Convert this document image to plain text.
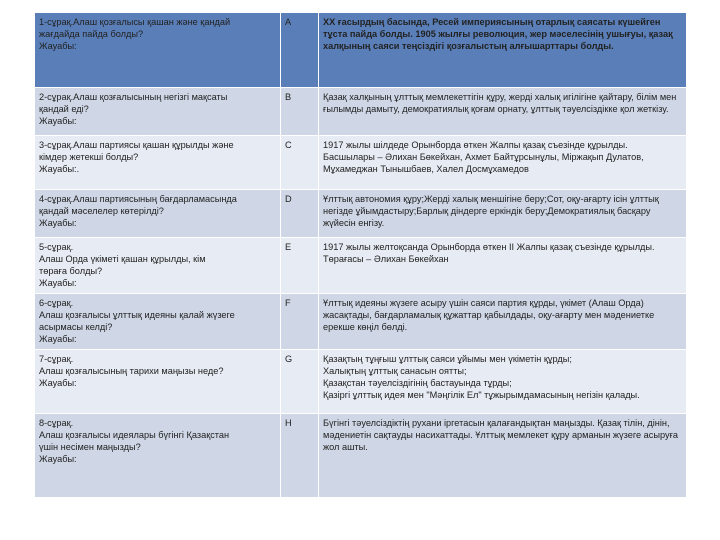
1-сұрақ.Алаш қозғалысы қашан және қандай
жағдайда пайда болды?
Жауабы:	A	ХХ ғасырдың басында, Ресей империясының отарлық саясаты күшейген тұста пайда болды. 1905 жылғы революция, жер мәселесінің ушығуы, қазақ халқының саяси теңсіздігі қозғалыстың алғышарттары болды.

2-сұрақ.Алаш қозғалысының негізгі мақсаты
қандай еді?
Жауабы:	B	Қазақ халқының ұлттық мемлекеттігін құру, жерді халық игілігіне қайтару, білім мен ғылымды дамыту, демократиялық қоғам орнату, ұлттық тәуелсіздікке қол жеткізу.

3-сұрақ.Алаш партиясы қашан құрылды және
кімдер жетекші болды?
Жауабы:.	C	1917 жылы шілдеде Орынборда өткен Жалпы қазақ съезінде құрылды. Басшылары – Әлихан Бөкейхан, Ахмет Байтұрсынұлы, Міржақып Дулатов, Мұхамеджан Тынышбаев, Халел Досмұхамедов

4-сұрақ.Алаш партиясының бағдарламасында
қандай мәселелер көтерілді?
Жауабы:	D	Ұлттық автономия құру;Жерді халық меншігіне беру;Сот, оқу-ағарту ісін ұлттық негізде ұйымдастыру;Барлық діндерге еркіндік беру;Демократиялық басқару жүйесін енгізу.

5-сұрақ.
Алаш Орда үкіметі қашан құрылды, кім
төраға болды?
Жауабы:	E	1917 жылы желтоқсанда Орынборда өткен II Жалпы қазақ съезінде құрылды. Төрағасы – Әлихан Бөкейхан

6-сұрақ.
Алаш қозғалысы ұлттық идеяны қалай жүзеге
асырмасы келді?
Жауабы:	F	Ұлттық идеяны жүзеге асыру үшін саяси партия құрды, үкімет (Алаш Орда) жасақтады, бағдарламалық құжаттар қабылдады, оқу-ағарту мен мәдениетке ерекше көңіл бөлді.

7-сұрақ.
Алаш қозғалысының тарихи маңызы неде?
Жауабы:	G	Қазақтың тұңғыш ұлттық саяси ұйымы мен үкіметін құрды;
Халықтың ұлттық санасын оятты;
Қазақстан тәуелсіздігінің бастауында тұрды;
Қазіргі ұлттық идея мен "Мәңгілік Ел" тұжырымдамасының негізін қалады.

8-сұрақ.
Алаш қозғалысы идеялары бүгінгі Қазақстан
үшін несімен маңызды?
Жауабы:	H	Бүгінгі тәуелсіздіктің рухани іргетасын қалағандықтан маңызды. Қазақ тілін, дінін, мәдениетін сақтауды насихаттады. Ұлттық мемлекет құру арманын жүзеге асыруға жол ашты.
